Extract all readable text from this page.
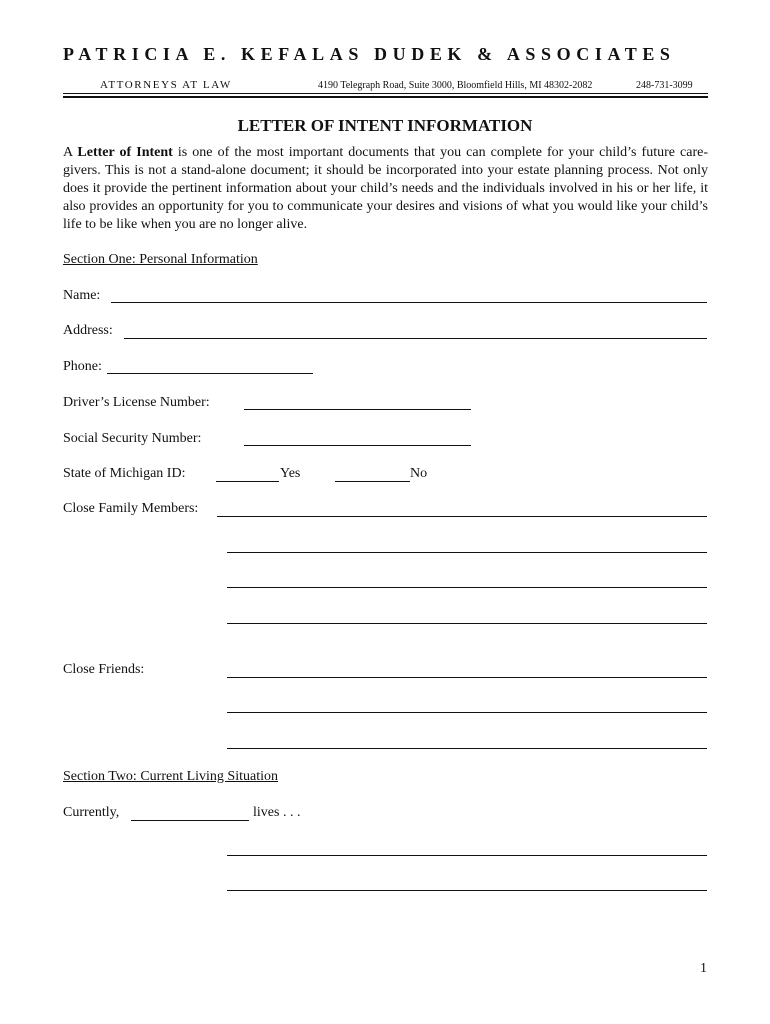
PATRICIA E. KEFALAS DUDEK & ASSOCIATES
ATTORNEYS AT LAW	4190 Telegraph Road, Suite 3000, Bloomfield Hills, MI 48302-2082	248-731-3099
LETTER OF INTENT INFORMATION
A Letter of Intent is one of the most important documents that you can complete for your child’s future care-givers. This is not a stand-alone document; it should be incorporated into your estate planning process. Not only does it provide the pertinent information about your child’s needs and the individuals involved in his or her life, it also provides an opportunity for you to communicate your desires and visions of what you would like your child’s life to be like when you are no longer alive.
Section One: Personal Information
Name:
Address:
Phone:
Driver’s License Number:
Social Security Number:
State of Michigan ID:	Yes	No
Close Family Members:
Close Friends:
Section Two: Current Living Situation
Currently,	lives . . .
1
